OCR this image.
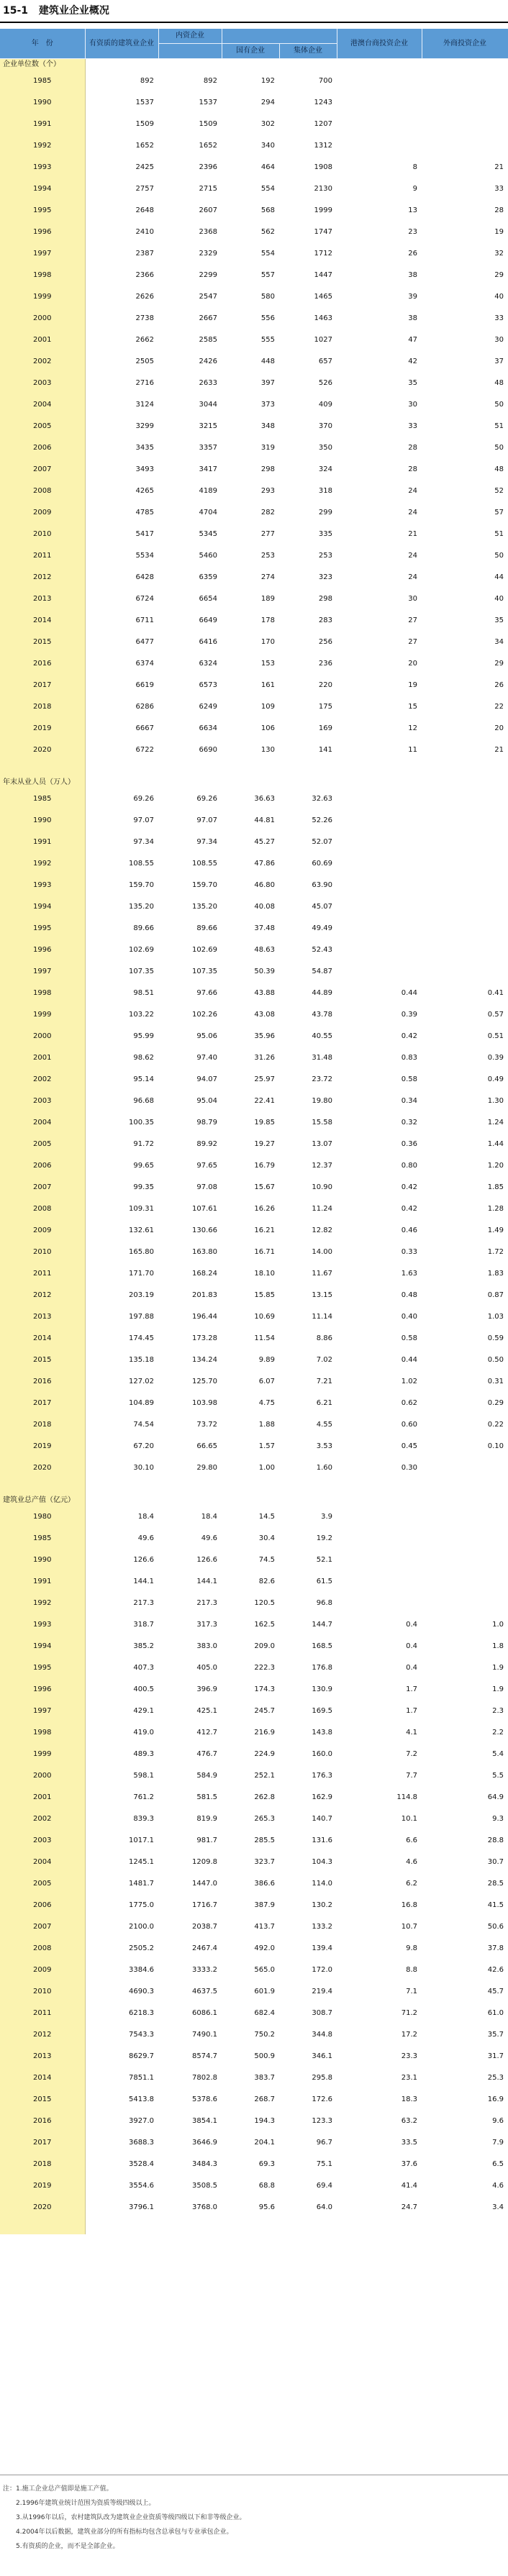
15-1 建筑业企业概况
年　份	有资质的建筑业企业	内资企业			港澳台商投资企业	外商投资企业
			国有企业	集体企业		
企业单位数（个）						
1985	892	892	192	700		
1990	1537	1537	294	1243		
1991	1509	1509	302	1207		
1992	1652	1652	340	1312		
1993	2425	2396	464	1908	8	21
1994	2757	2715	554	2130	9	33
1995	2648	2607	568	1999	13	28
1996	2410	2368	562	1747	23	19
1997	2387	2329	554	1712	26	32
1998	2366	2299	557	1447	38	29
1999	2626	2547	580	1465	39	40
2000	2738	2667	556	1463	38	33
2001	2662	2585	555	1027	47	30
2002	2505	2426	448	657	42	37
2003	2716	2633	397	526	35	48
2004	3124	3044	373	409	30	50
2005	3299	3215	348	370	33	51
2006	3435	3357	319	350	28	50
2007	3493	3417	298	324	28	48
2008	4265	4189	293	318	24	52
2009	4785	4704	282	299	24	57
2010	5417	5345	277	335	21	51
2011	5534	5460	253	253	24	50
2012	6428	6359	274	323	24	44
2013	6724	6654	189	298	30	40
2014	6711	6649	178	283	27	35
2015	6477	6416	170	256	27	34
2016	6374	6324	153	236	20	29
2017	6619	6573	161	220	19	26
2018	6286	6249	109	175	15	22
2019	6667	6634	106	169	12	20
2020	6722	6690	130	141	11	21

年末从业人员（万人）						
1985	69.26	69.26	36.63	32.63		
1990	97.07	97.07	44.81	52.26		
1991	97.34	97.34	45.27	52.07		
1992	108.55	108.55	47.86	60.69		
1993	159.70	159.70	46.80	63.90		
1994	135.20	135.20	40.08	45.07		
1995	89.66	89.66	37.48	49.49		
1996	102.69	102.69	48.63	52.43		
1997	107.35	107.35	50.39	54.87		
1998	98.51	97.66	43.88	44.89	0.44	0.41
1999	103.22	102.26	43.08	43.78	0.39	0.57
2000	95.99	95.06	35.96	40.55	0.42	0.51
2001	98.62	97.40	31.26	31.48	0.83	0.39
2002	95.14	94.07	25.97	23.72	0.58	0.49
2003	96.68	95.04	22.41	19.80	0.34	1.30
2004	100.35	98.79	19.85	15.58	0.32	1.24
2005	91.72	89.92	19.27	13.07	0.36	1.44
2006	99.65	97.65	16.79	12.37	0.80	1.20
2007	99.35	97.08	15.67	10.90	0.42	1.85
2008	109.31	107.61	16.26	11.24	0.42	1.28
2009	132.61	130.66	16.21	12.82	0.46	1.49
2010	165.80	163.80	16.71	14.00	0.33	1.72
2011	171.70	168.24	18.10	11.67	1.63	1.83
2012	203.19	201.83	15.85	13.15	0.48	0.87
2013	197.88	196.44	10.69	11.14	0.40	1.03
2014	174.45	173.28	11.54	8.86	0.58	0.59
2015	135.18	134.24	9.89	7.02	0.44	0.50
2016	127.02	125.70	6.07	7.21	1.02	0.31
2017	104.89	103.98	4.75	6.21	0.62	0.29
2018	74.54	73.72	1.88	4.55	0.60	0.22
2019	67.20	66.65	1.57	3.53	0.45	0.10
2020	30.10	29.80	1.00	1.60	0.30	

建筑业总产值（亿元）						
1980	18.4	18.4	14.5	3.9		
1985	49.6	49.6	30.4	19.2		
1990	126.6	126.6	74.5	52.1		
1991	144.1	144.1	82.6	61.5		
1992	217.3	217.3	120.5	96.8		
1993	318.7	317.3	162.5	144.7	0.4	1.0
1994	385.2	383.0	209.0	168.5	0.4	1.8
1995	407.3	405.0	222.3	176.8	0.4	1.9
1996	400.5	396.9	174.3	130.9	1.7	1.9
1997	429.1	425.1	245.7	169.5	1.7	2.3
1998	419.0	412.7	216.9	143.8	4.1	2.2
1999	489.3	476.7	224.9	160.0	7.2	5.4
2000	598.1	584.9	252.1	176.3	7.7	5.5
2001	761.2	581.5	262.8	162.9	114.8	64.9
2002	839.3	819.9	265.3	140.7	10.1	9.3
2003	1017.1	981.7	285.5	131.6	6.6	28.8
2004	1245.1	1209.8	323.7	104.3	4.6	30.7
2005	1481.7	1447.0	386.6	114.0	6.2	28.5
2006	1775.0	1716.7	387.9	130.2	16.8	41.5
2007	2100.0	2038.7	413.7	133.2	10.7	50.6
2008	2505.2	2467.4	492.0	139.4	9.8	37.8
2009	3384.6	3333.2	565.0	172.0	8.8	42.6
2010	4690.3	4637.5	601.9	219.4	7.1	45.7
2011	6218.3	6086.1	682.4	308.7	71.2	61.0
2012	7543.3	7490.1	750.2	344.8	17.2	35.7
2013	8629.7	8574.7	500.9	346.1	23.3	31.7
2014	7851.1	7802.8	383.7	295.8	23.1	25.3
2015	5413.8	5378.6	268.7	172.6	18.3	16.9
2016	3927.0	3854.1	194.3	123.3	63.2	9.6
2017	3688.3	3646.9	204.1	96.7	33.5	7.9
2018	3528.4	3484.3	69.3	75.1	37.6	6.5
2019	3554.6	3508.5	68.8	69.4	41.4	4.6
2020	3796.1	3768.0	95.6	64.0	24.7	3.4

注：1.施工企业总产值即是施工产值。
2.1996年建筑业统计范围为资质等级四级以上。
3.从1996年以后，农村建筑队改为建筑业企业资质等级四级以下和非等级企业。
4.2004年以后数据，建筑业部分的所有指标均包含总承包与专业承包企业。
5.有资质的企业，而不是全部企业。
